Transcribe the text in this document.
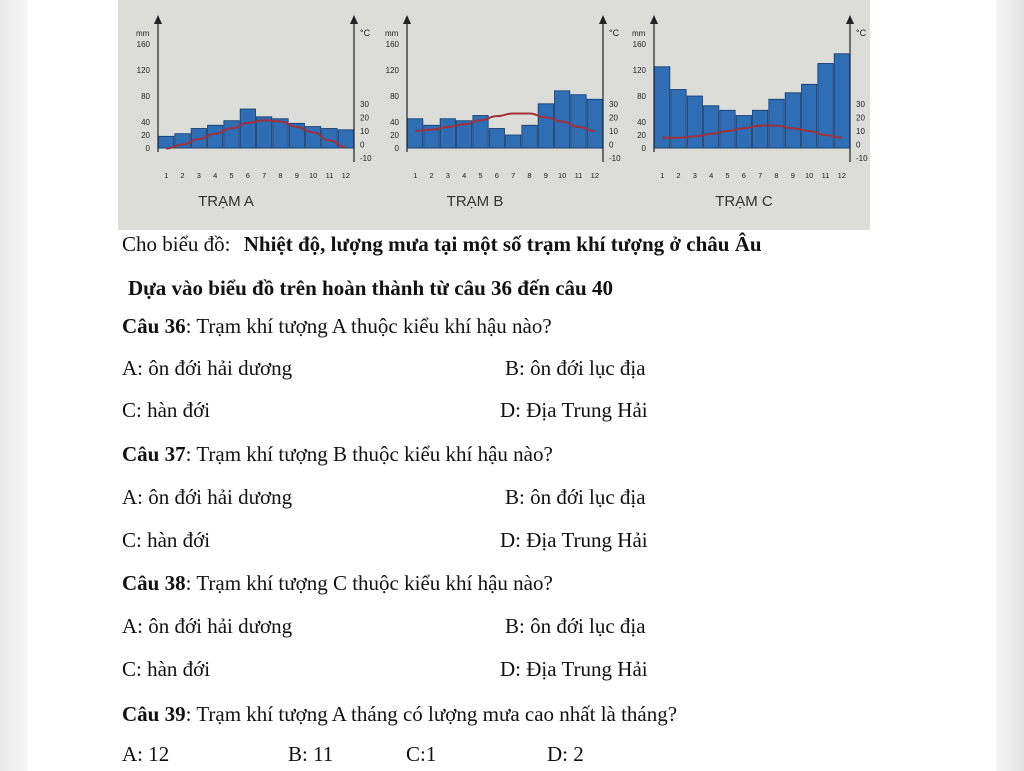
mm	°C
160
120
80
40
20
0
30
20
10
0
-10
1 2 3 4 5 6 7 8 9 10 11 12
TRẠM A
mm	°C
160
120
80
40
20
0
30
20
10
0
-10
1 2 3 4 5 6 7 8 9 10 11 12
TRẠM B
mm	°C
160
120
80
40
20
0
30
20
10
0
-10
1 2 3 4 5 6 7 8 9 10 11 12
TRẠM C
Cho biểu đồ: Nhiệt độ, lượng mưa tại một số trạm khí tượng ở châu Âu
Dựa vào biểu đồ trên hoàn thành từ câu 36 đến câu 40
Câu 36: Trạm khí tượng A thuộc kiểu khí hậu nào?
A: ôn đới hải dương	B: ôn đới lục địa
C: hàn đới	D: Địa Trung Hải
Câu 37: Trạm khí tượng B thuộc kiểu khí hậu nào?
A: ôn đới hải dương	B: ôn đới lục địa
C: hàn đới	D: Địa Trung Hải
Câu 38: Trạm khí tượng C thuộc kiểu khí hậu nào?
A: ôn đới hải dương	B: ôn đới lục địa
C: hàn đới	D: Địa Trung Hải
Câu 39: Trạm khí tượng A tháng có lượng mưa cao nhất là tháng?
A: 12	B: 11	C:1	D: 2
